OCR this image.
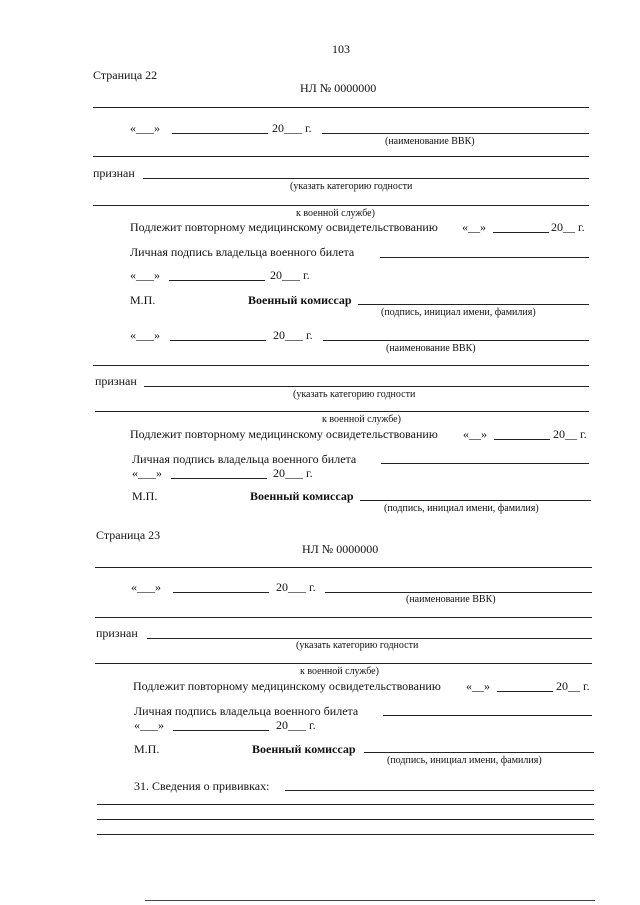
103
Страница 22
НЛ № 0000000
«___»	20___ г.
(наименование ВВК)
признан
(указать категорию годности
к военной службе)
Подлежит повторному медицинскому освидетельствованию «__»	20__ г.
Личная подпись владельца военного билета
«___»	20___ г.
М.П.	Военный комиссар
(подпись, инициал имени, фамилия)
«___»	20___ г.
(наименование ВВК)
признан
(указать категорию годности
к военной службе)
Подлежит повторному медицинскому освидетельствованию «__»	20__ г.
Личная подпись владельца военного билета
«___»	20___ г.
М.П.	Военный комиссар
(подпись, инициал имени, фамилия)
Страница 23
НЛ № 0000000
«___»	20___ г.
(наименование ВВК)
признан
(указать категорию годности
к военной службе)
Подлежит повторному медицинскому освидетельствованию «__»	20__ г.
Личная подпись владельца военного билета
«___»	20___ г.
М.П.	Военный комиссар
(подпись, инициал имени, фамилия)
31. Сведения о прививках:
